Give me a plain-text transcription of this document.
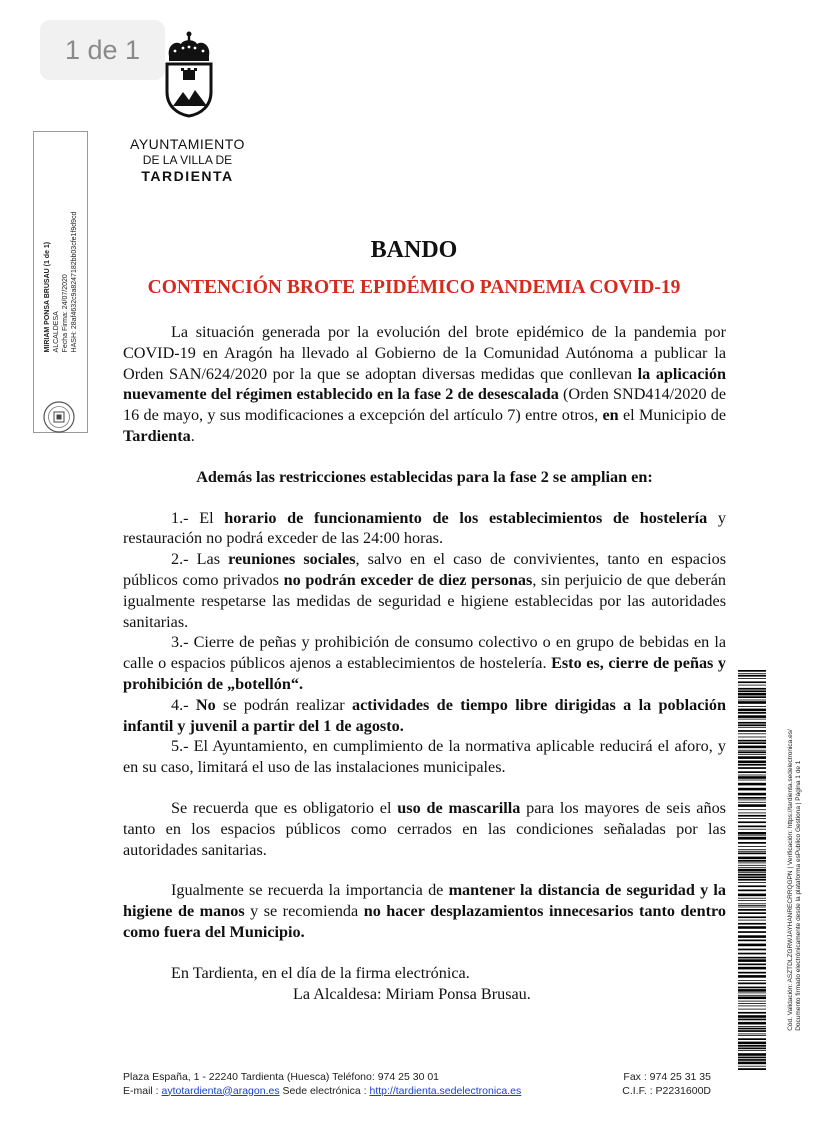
1 de 1
AYUNTAMIENTO
DE LA VILLA DE
TARDIENTA
MIRIAM PONSA BRUSAU (1 de 1) ALCALDESA Fecha Firma: 24/07/2020 HASH: 28af4632c9a8247182bb03cfe1f9d9cd	BANDO
CONTENCIÓN BROTE EPIDÉMICO PANDEMIA COVID-19

La situación generada por la evolución del brote epidémico de la pandemia por COVID-19 en Aragón ha llevado al Gobierno de la Comunidad Autónoma a publicar la Orden SAN/624/2020 por la que se adoptan diversas medidas que conllevan la aplicación nuevamente del régimen establecido en la fase 2 de desescalada (Orden SND414/2020 de 16 de mayo, y sus modificaciones a excepción del artículo 7) entre otros, en el Municipio de Tardienta.

Además las restricciones establecidas para la fase 2 se amplian en:

1.- El horario de funcionamiento de los establecimientos de hostelería y restauración no podrá exceder de las 24:00 horas.

2.- Las reuniones sociales, salvo en el caso de convivientes, tanto en espacios públicos como privados no podrán exceder de diez personas, sin perjuicio de que deberán igualmente respetarse las medidas de seguridad e higiene establecidas por las autoridades sanitarias.

3.- Cierre de peñas y prohibición de consumo colectivo o en grupo de bebidas en la calle o espacios públicos ajenos a establecimientos de hostelería. Esto es, cierre de peñas y prohibición de „botellón“.

4.- No se podrán realizar actividades de tiempo libre dirigidas a la población infantil y juvenil a partir del 1 de agosto.

5.- El Ayuntamiento, en cumplimiento de la normativa aplicable reducirá el aforo, y en su caso, limitará el uso de las instalaciones municipales.

Se recuerda que es obligatorio el uso de mascarilla para los mayores de seis años tanto en los espacios públicos como cerrados en las condiciones señaladas por las autoridades sanitarias.

Igualmente se recuerda la importancia de mantener la distancia de seguridad y la higiene de manos y se recomienda no hacer desplazamientos innecesarios tanto dentro como fuera del Municipio.

En Tardienta, en el día de la firma electrónica.

La Alcaldesa: Miriam Ponsa Brusau.

Plaza España, 1 - 22240 Tardienta (Huesca) Teléfono: 974 25 30 01	Fax : 974 25 31 35
E-mail : aytotardienta@aragon.es Sede electrónica : http://tardienta.sedelectronica.es	C.I.F. : P2231600D
Cód. Validación: ASZTDLZGRWJAYHANRECRRQGPN | Verificación: https://tardienta.sedelectronica.es/ Documento firmado electrónicamente desde la plataforma esPublico Gestiona | Página 1 de 1
